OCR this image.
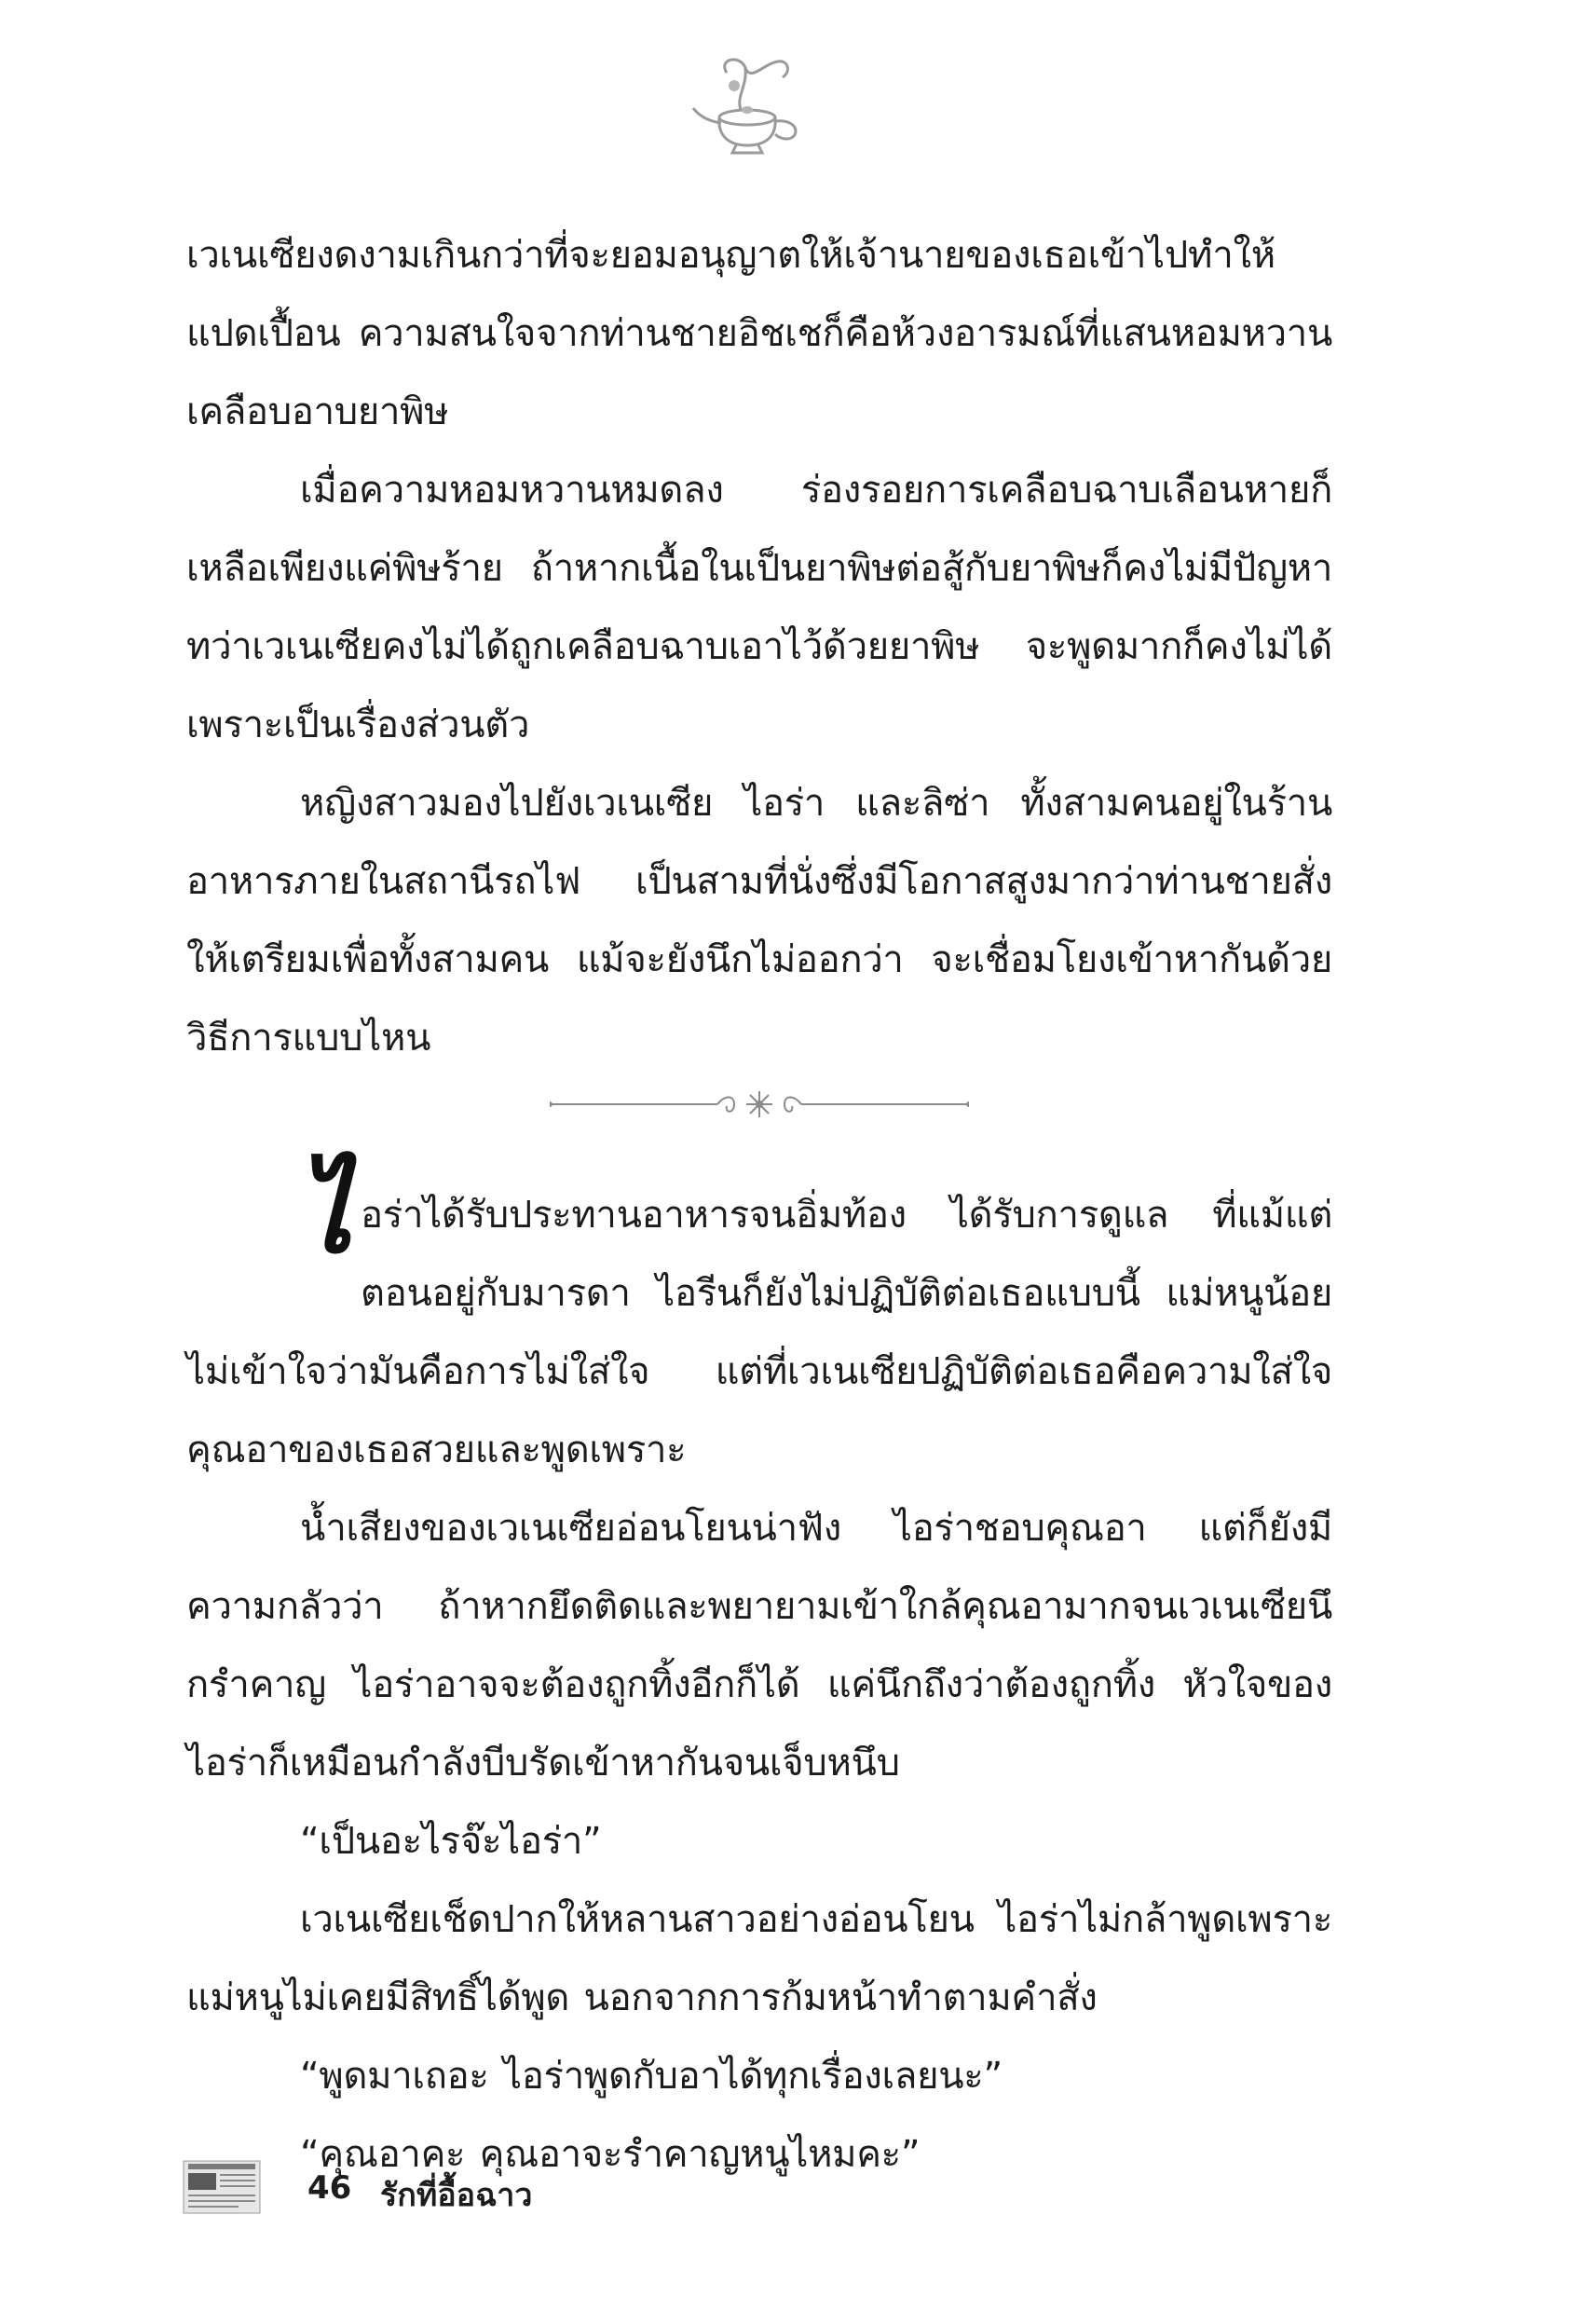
เวเนเซียงดงามเกินกว่าที่จะยอมอนุญาตให้เจ้านายของเธอเข้าไปทำให้แปดเปื้อน ความสนใจจากท่านชายอิชเชก็คือห้วงอารมณ์ที่แสนหอมหวานเคลือบอาบยาพิษ

เมื่อความหอมหวานหมดลง ร่องรอยการเคลือบฉาบเลือนหายก็เหลือเพียงแค่พิษร้าย ถ้าหากเนื้อในเป็นยาพิษต่อสู้กับยาพิษก็คงไม่มีปัญหา ทว่าเวเนเซียคงไม่ได้ถูกเคลือบฉาบเอาไว้ด้วยยาพิษ จะพูดมากก็คงไม่ได้ เพราะเป็นเรื่องส่วนตัว

หญิงสาวมองไปยังเวเนเซีย ไอร่า และลิซ่า ทั้งสามคนอยู่ในร้านอาหารภายในสถานีรถไฟ เป็นสามที่นั่งซึ่งมีโอกาสสูงมากว่าท่านชายสั่งให้เตรียมเพื่อทั้งสามคน แม้จะยังนึกไม่ออกว่า จะเชื่อมโยงเข้าหากันด้วยวิธีการแบบไหน

ไอร่าได้รับประทานอาหารจนอิ่มท้อง ได้รับการดูแล ที่แม้แต่ตอนอยู่กับมารดา ไอรีนก็ยังไม่ปฏิบัติต่อเธอแบบนี้ แม่หนูน้อยไม่เข้าใจว่ามันคือการไม่ใส่ใจ แต่ที่เวเนเซียปฏิบัติต่อเธอคือความใส่ใจ คุณอาของเธอสวยและพูดเพราะ

น้ำเสียงของเวเนเซียอ่อนโยนน่าฟัง ไอร่าชอบคุณอา แต่ก็ยังมีความกลัวว่า ถ้าหากยึดติดและพยายามเข้าใกล้คุณอามากจนเวเนเซียนึกรำคาญ ไอร่าอาจจะต้องถูกทิ้งอีกก็ได้ แค่นึกถึงว่าต้องถูกทิ้ง หัวใจของไอร่าก็เหมือนกำลังบีบรัดเข้าหากันจนเจ็บหนึบ

“เป็นอะไรจ๊ะไอร่า”

เวเนเซียเช็ดปากให้หลานสาวอย่างอ่อนโยน ไอร่าไม่กล้าพูดเพราะแม่หนูไม่เคยมีสิทธิ์ได้พูด นอกจากการก้มหน้าทำตามคำสั่ง

“พูดมาเถอะ ไอร่าพูดกับอาได้ทุกเรื่องเลยนะ”

“คุณอาคะ คุณอาจะรำคาญหนูไหมคะ”

46 รักที่อื้อฉาว
